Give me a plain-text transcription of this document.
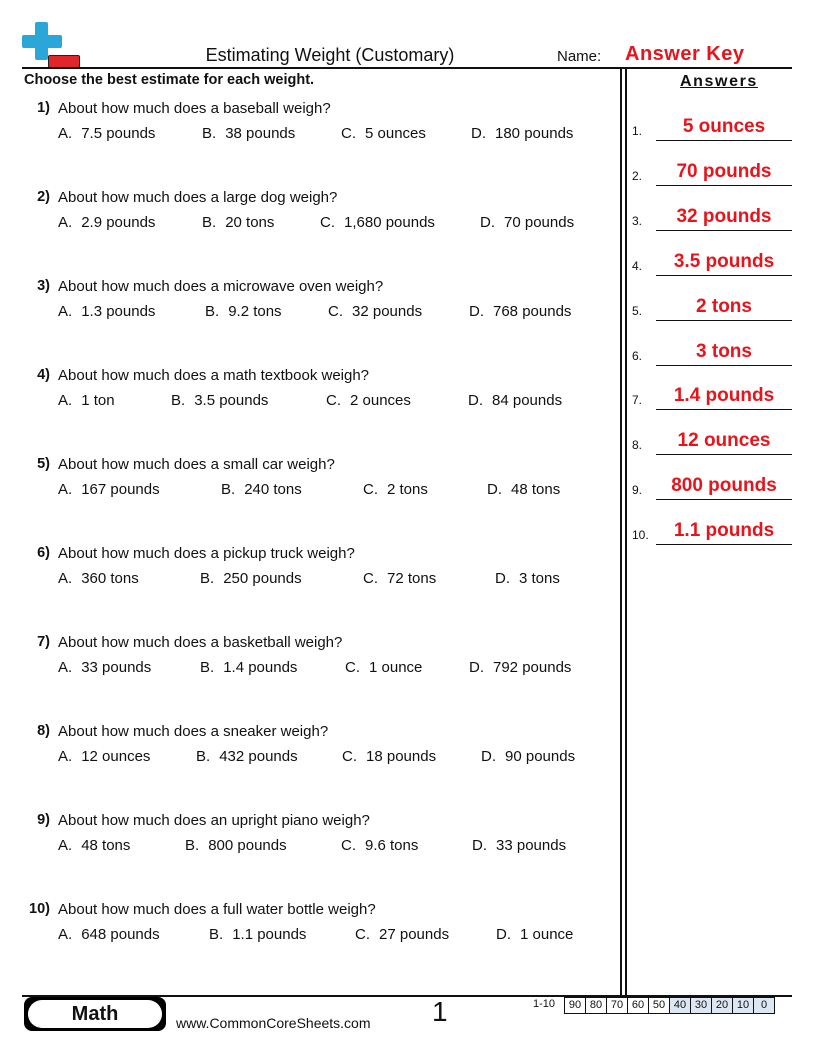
Estimating Weight (Customary)	Name: Answer Key
Choose the best estimate for each weight.	Answers
1) About how much does a baseball weigh?
A. 7.5 pounds	B. 38 pounds	C. 5 ounces	D. 180 pounds
2) About how much does a large dog weigh?
A. 2.9 pounds	B. 20 tons	C. 1,680 pounds	D. 70 pounds
3) About how much does a microwave oven weigh?
A. 1.3 pounds	B. 9.2 tons	C. 32 pounds	D. 768 pounds
4) About how much does a math textbook weigh?
A. 1 ton	B. 3.5 pounds	C. 2 ounces	D. 84 pounds
5) About how much does a small car weigh?
A. 167 pounds	B. 240 tons	C. 2 tons	D. 48 tons
6) About how much does a pickup truck weigh?
A. 360 tons	B. 250 pounds	C. 72 tons	D. 3 tons
7) About how much does a basketball weigh?
A. 33 pounds	B. 1.4 pounds	C. 1 ounce	D. 792 pounds
8) About how much does a sneaker weigh?
A. 12 ounces	B. 432 pounds	C. 18 pounds	D. 90 pounds
9) About how much does an upright piano weigh?
A. 48 tons	B. 800 pounds	C. 9.6 tons	D. 33 pounds
10) About how much does a full water bottle weigh?
A. 648 pounds	B. 1.1 pounds	C. 27 pounds	D. 1 ounce
1.	5 ounces
2.	70 pounds
3.	32 pounds
4.	3.5 pounds
5.	2 tons
6.	3 tons
7.	1.4 pounds
8.	12 ounces
9.	800 pounds
10.	1.1 pounds
Math	www.CommonCoreSheets.com 1	1-10	90 80 70 60 50 40 30 20 10	0
